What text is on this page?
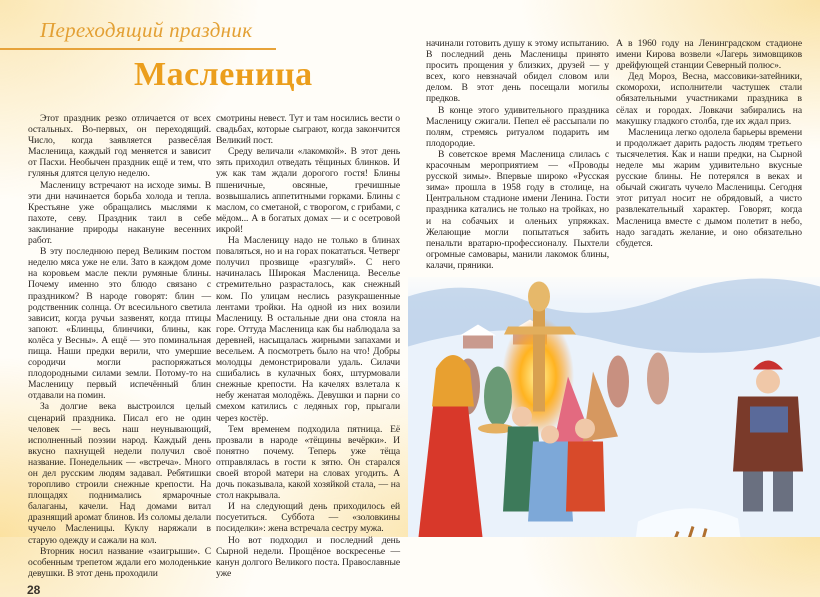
Переходящий праздник
Масленица

Этот праздник резко отличается от всех остальных. Во-первых, он переходящий. Число, когда заявляется развесёлая Масленица, каждый год меняется и зависит от Пасхи. Необычен праздник ещё и тем, что гулянья длятся целую неделю.

Масленицу встречают на исходе зимы. В эти дни начинается борьба холода и тепла. Крестьяне уже обращались мыслями к пахоте, севу. Праздник таил в себе заклинание природы накануне весенних работ.

В эту последнюю перед Великим постом неделю мяса уже не ели. Зато в каждом доме на коровьем масле пекли румяные блины. Почему именно это блюдо связано с праздником? В народе говорят: блин — родственник солнца. От всесильного светила зависит, когда ручьи зазвенят, когда птицы запоют. «Блинцы, блинчики, блины, как колёса у Весны». А ещё — это поминальная пища. Наши предки верили, что умершие сородичи могли распоряжаться плодородными силами земли. Потому-то на Масленицу первый испечённый блин отдавали на помин.

За долгие века выстроился целый сценарий праздника. Писал его не один человек — весь наш неунывающий, исполненный поэзии народ. Каждый день вкусно пахнущей недели получил своё название. Понедельник — «встреча». Много он дел русским людям задавал. Ребятишки торопливо строили снежные крепости. На площадях поднимались ярмарочные балаганы, качели. Над домами витал дразнящий аромат блинов. Из соломы делали чучело Масленицы. Куклу наряжали в старую одежду и сажали на кол.

Вторник носил название «заигрыши». С особенным трепетом ждали его молоденькие девушки. В этот день проходили

смотрины невест. Тут и там носились вести о свадьбах, которые сыграют, когда закончится Великий пост.

Среду величали «лакомкой». В этот день зять приходил отведать тёщиных блинков. И уж как там ждали дорогого гостя! Блины пшеничные, овсяные, гречишные возвышались аппетитными горками. Блины с маслом, со сметаной, с творогом, с грибами, с мёдом... А в богатых домах — и с осетровой икрой!

На Масленицу надо не только в блинах поваляться, но и на горах покататься. Четверг получил прозвище «разгуляй». С него начиналась Широкая Масленица. Веселье стремительно разрасталось, как снежный ком. По улицам неслись разукрашенные лентами тройки. На одной из них возили Масленицу. В остальные дни она стояла на горе. Оттуда Масленица как бы наблюдала за деревней, насыщалась жирными запахами и весельем. А посмотреть было на что! Добры молодцы демонстрировали удаль. Силачи сшибались в кулачных боях, штурмовали снежные крепости. На качелях взлетала к небу женатая молодёжь. Девушки и парни со смехом катились с ледяных гор, прыгали через костёр.

Тем временем подходила пятница. Её прозвали в народе «тёщины вечёрки». И понятно почему. Теперь уже тёща отправлялась в гости к зятю. Он старался своей второй матери на словах угодить. А дочь показывала, какой хозяйкой стала, — на стол накрывала.

И на следующий день приходилось ей посуетиться. Суббота — «золовкины посиделки»: жена встречала сестру мужа.

Но вот подходил и последний день Сырной недели. Прощёное воскресенье — канун долгого Великого поста. Православные уже

начинали готовить душу к этому испытанию. В последний день Масленицы принято просить прощения у близких, друзей — у всех, кого невзначай обидел словом или делом. В этот день посещали могилы предков.

В конце этого удивительного праздника Масленицу сжигали. Пепел её рассыпали по полям, стремясь ритуалом подарить им плодородие.

В советское время Масленица слилась с красочным мероприятием — «Проводы русской зимы». Впервые широко «Русская зима» прошла в 1958 году в столице, на Центральном стадионе имени Ленина. Гости праздника катались не только на тройках, но и на собачьих и оленьих упряжках. Желающие могли попытаться забить пенальти вратарю-профессионалу. Пыхтели огромные самовары, манили лакомок блины, калачи, пряники.

А в 1960 году на Ленинградском стадионе имени Кирова возвели «Лагерь зимовщиков дрейфующей станции Северный полюс».

Дед Мороз, Весна, массовики-затейники, скоморохи, исполнители частушек стали обязательными участниками праздника в сёлах и городах. Ловкачи забирались на макушку гладкого столба, где их ждал приз.

Масленица легко одолела барьеры времени и продолжает дарить радость людям третьего тысячелетия. Как и наши предки, на Сырной неделе мы жарим удивительно вкусные русские блины. Не потерялся в веках и обычай сжигать чучело Масленицы. Сегодня этот ритуал носит не обрядовый, а чисто развлекательный характер. Говорят, когда Масленица вместе с дымом полетит в небо, надо загадать желание, и оно обязательно сбудется.

28
